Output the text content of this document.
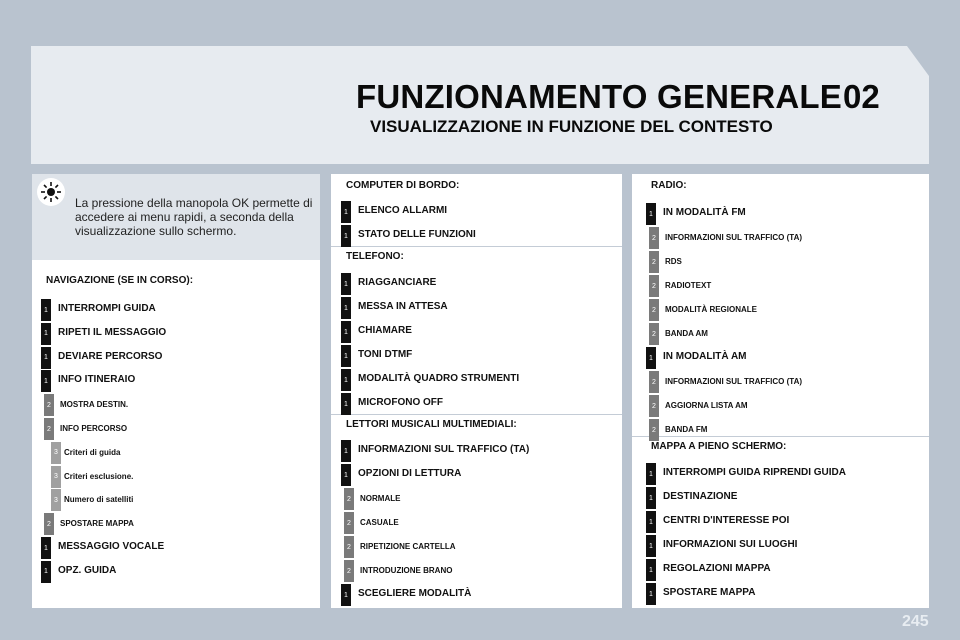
FUNZIONAMENTO GENERALE 02
VISUALIZZAZIONE IN FUNZIONE DEL CONTESTO
La pressione della manopola OK permette di accedere ai menu rapidi, a seconda della visualizzazione sullo schermo.
NAVIGAZIONE (SE IN CORSO):
1	INTERROMPI GUIDA
1	RIPETI IL MESSAGGIO
1	DEVIARE PERCORSO
1	INFO ITINERAIO
2	MOSTRA DESTIN.
2	INFO PERCORSO
3 Criteri di guida
3 Criteri esclusione.
3 Numero di satelliti
2	SPOSTARE MAPPA
1	MESSAGGIO VOCALE
1	OPZ. GUIDA
COMPUTER DI BORDO:
TELEFONO:
LETTORI MUSICALI MULTIMEDIALI:
1	ELENCO ALLARMI
1	STATO DELLE FUNZIONI
1	RIAGGANCIARE
1	MESSA IN ATTESA
1	CHIAMARE
1	TONI DTMF
1	MODALITÀ QUADRO STRUMENTI
1	MICROFONO OFF
1	INFORMAZIONI SUL TRAFFICO (TA)
1	OPZIONI DI LETTURA
2	NORMALE
2	CASUALE
2	RIPETIZIONE CARTELLA
2	INTRODUZIONE BRANO
1	SCEGLIERE MODALITÀ
RADIO:
MAPPA A PIENO SCHERMO:
1	IN MODALITÀ FM
2	INFORMAZIONI SUL TRAFFICO (TA)
2	RDS
2	RADIOTEXT
2	MODALITÀ REGIONALE
2	BANDA AM
1	IN MODALITÀ AM
2	INFORMAZIONI SUL TRAFFICO (TA)
2	AGGIORNA LISTA AM
2	BANDA FM
1	INTERROMPI GUIDA RIPRENDI GUIDA
1	DESTINAZIONE
1	CENTRI D'INTERESSE POI
1	INFORMAZIONI SUI LUOGHI
1	REGOLAZIONI MAPPA
1	SPOSTARE MAPPA
245
